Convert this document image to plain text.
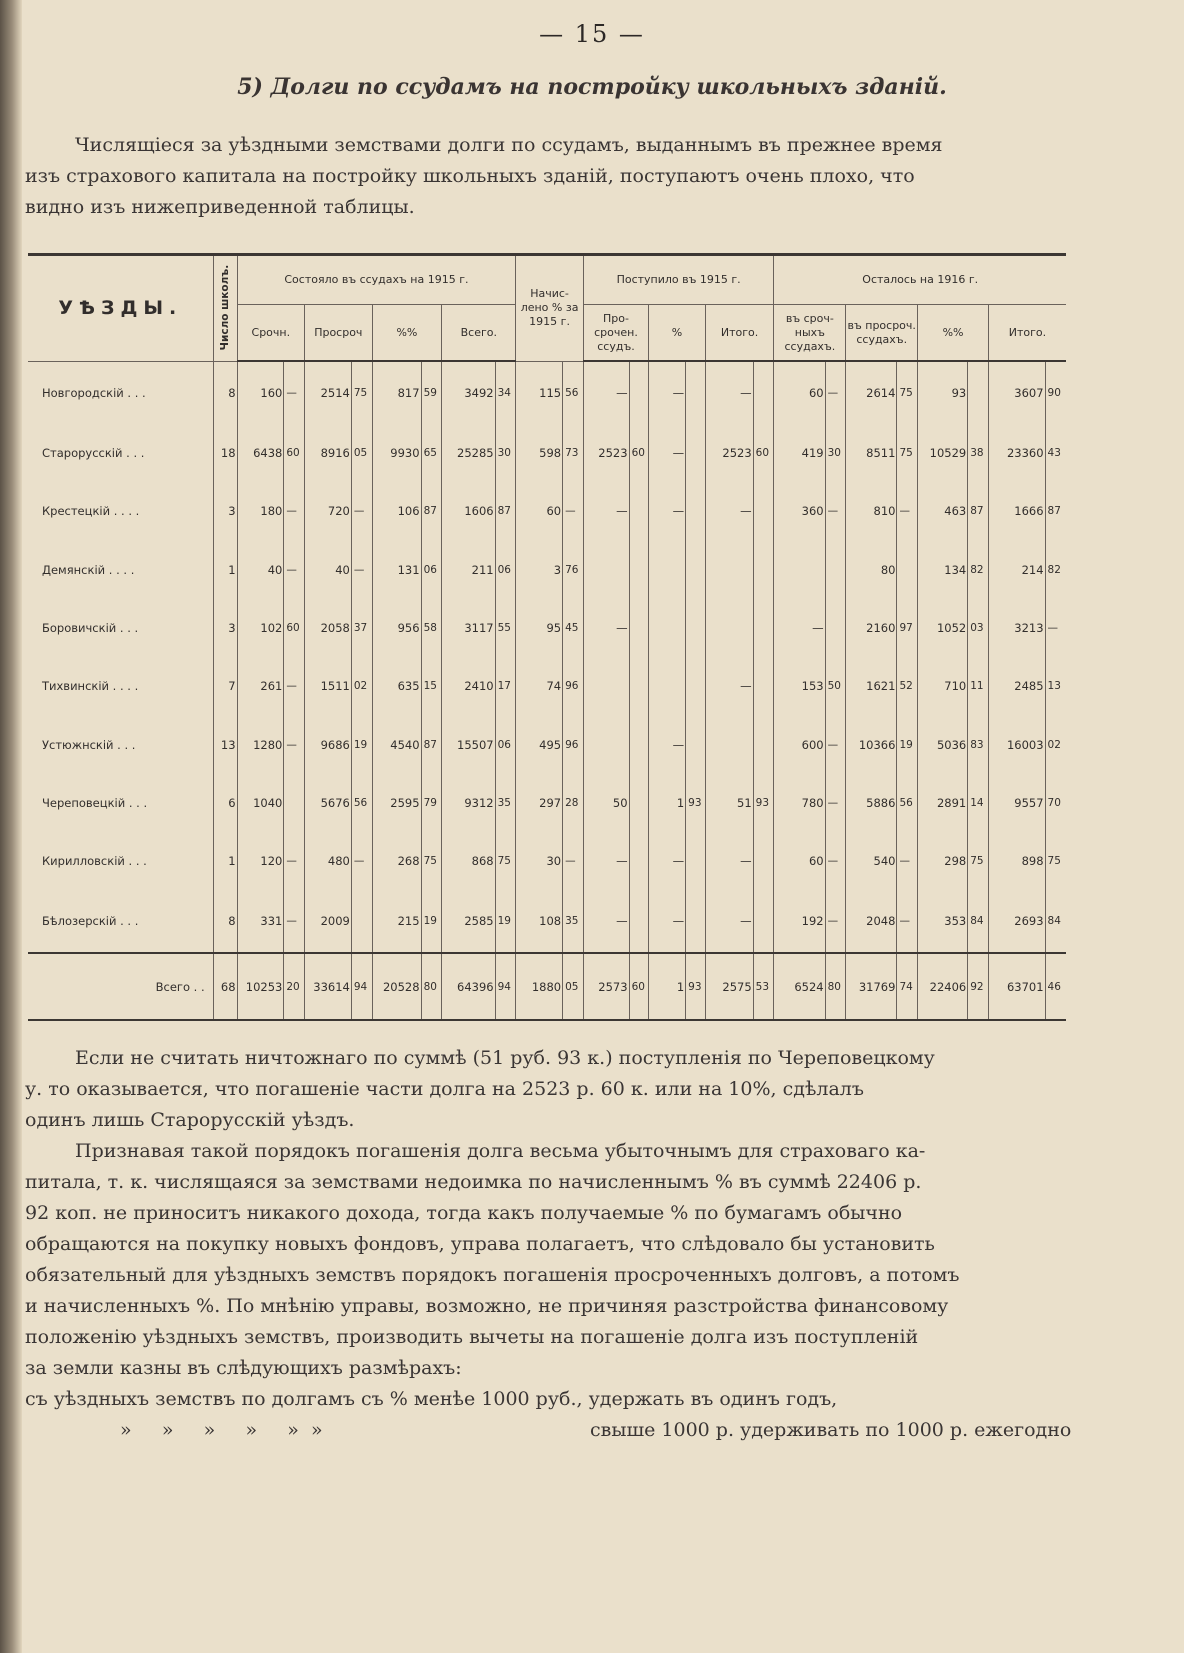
— 15 —
5) Долги по ссудамъ на постройку школьныхъ зданій.
Числящіеся за уѣздными земствами долги по ссудамъ, выданнымъ въ прежнее время
изъ страхового капитала на постройку школьныхъ зданій, поступаютъ очень плохо, что
видно изъ нижеприведенной таблицы.
УѢЗДЫ.	Число школъ.	Состояло въ ссудахъ на 1915 г.								Начис-лено % за 1915 г.		Поступило въ 1915 г.						Осталось на 1916 г.							
		Срочн.		Просроч		%%		Всего.				Про-срочен. ссудъ.		%		Итого.		въ сроч-ныхъ ссудахъ.		въ просроч. ссудахъ.		%%		Итого.	
Новгородскій . . .	8	160	—	2514	75	817	59	3492	34	115	56	—		—		—		60	—	2614	75	93		3607	90
Старорусскій . . .	18	6438	60	8916	05	9930	65	25285	30	598	73	2523	60	—		2523	60	419	30	8511	75	10529	38	23360	43
Крестецкій . . . .	3	180	—	720	—	106	87	1606	87	60	—	—		—		—		360	—	810	—	463	87	1666	87
Демянскій . . . .	1	40	—	40	—	131	06	211	06	3	76									80		134	82	214	82
Боровичскій . . .	3	102	60	2058	37	956	58	3117	55	95	45	—						—		2160	97	1052	03	3213	—
Тихвинскій . . . .	7	261	—	1511	02	635	15	2410	17	74	96					—		153	50	1621	52	710	11	2485	13
Устюжнскій . . .	13	1280	—	9686	19	4540	87	15507	06	495	96			—				600	—	10366	19	5036	83	16003	02
Череповецкій . . .	6	1040		5676	56	2595	79	9312	35	297	28	50		1	93	51	93	780	—	5886	56	2891	14	9557	70
Кирилловскій . . .	1	120	—	480	—	268	75	868	75	30	—	—		—		—		60	—	540	—	298	75	898	75
Бѣлозерскій . . .	8	331	—	2009		215	19	2585	19	108	35	—		—		—		192	—	2048	—	353	84	2693	84
Всего . .	68	10253	20	33614	94	20528	80	64396	94	1880	05	2573	60	1	93	2575	53	6524	80	31769	74	22406	92	63701	46
Если не считать ничтожнаго по суммѣ (51 руб. 93 к.) поступленія по Череповецкому
у. то оказывается, что погашеніе части долга на 2523 р. 60 к. или на 10%, сдѣлалъ
одинъ лишь Старорусскій уѣздъ.
Признавая такой порядокъ погашенія долга весьма убыточнымъ для страховаго ка-
питала, т. к. числящаяся за земствами недоимка по начисленнымъ % въ суммѣ 22406 р.
92 коп. не приноситъ никакого дохода, тогда какъ получаемые % по бумагамъ обычно
обращаются на покупку новыхъ фондовъ, управа полагаетъ, что слѣдовало бы установить
обязательный для уѣздныхъ земствъ порядокъ погашенія просроченныхъ долговъ, а потомъ
и начисленныхъ %. По мнѣнію управы, возможно, не причиняя разстройства финансовому
положенію уѣздныхъ земствъ, производить вычеты на погашеніе долга изъ поступленій
за земли казны въ слѣдующихъ размѣрахъ:
съ уѣздныхъ земствъ по долгамъ съ % менѣе 1000 руб., удержать въ одинъ годъ,
»     »     »     »     »  »	свыше 1000 р. удерживать по 1000 р. ежегодно
